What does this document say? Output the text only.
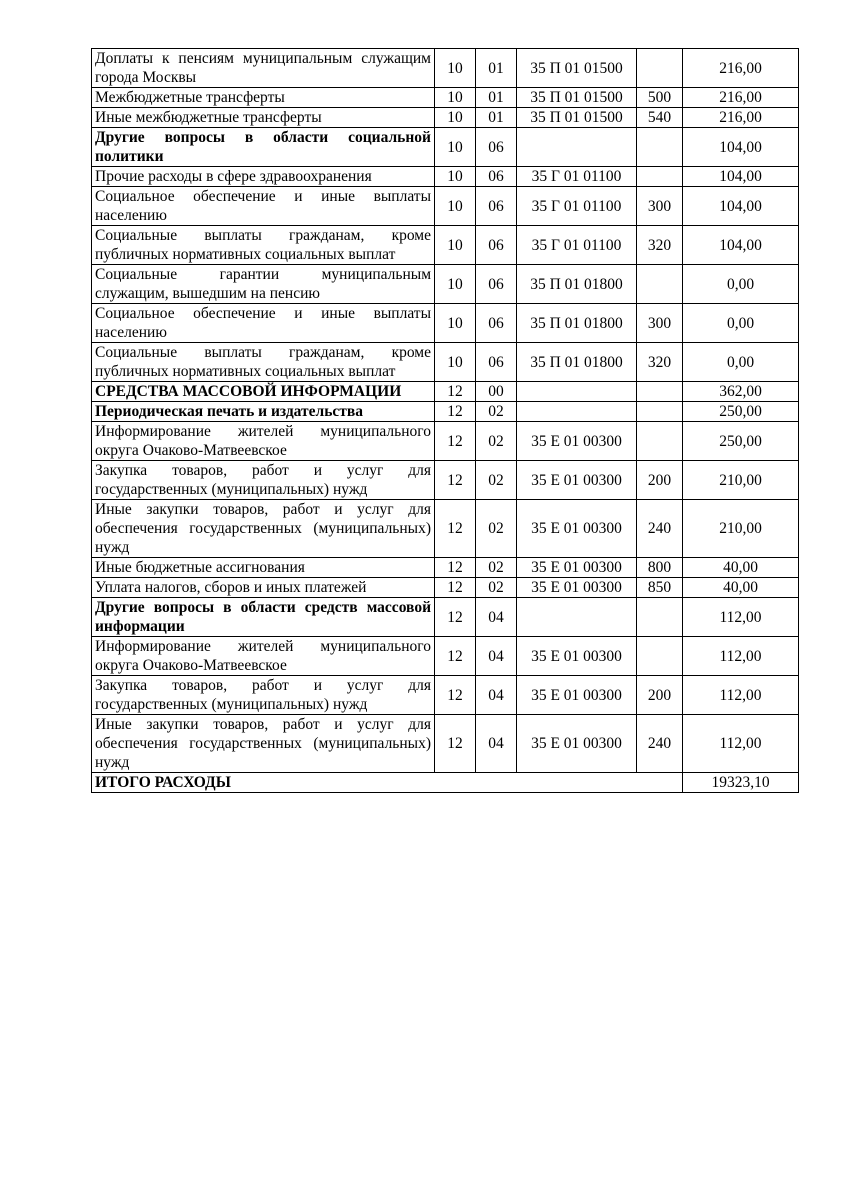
Доплаты к пенсиям муниципальным служащим города Москвы	10	01	35 П 01 01500		216,00
Межбюджетные трансферты	10	01	35 П 01 01500	500	216,00
Иные межбюджетные трансферты	10	01	35 П 01 01500	540	216,00
Другие вопросы в области социальной политики	10	06			104,00
Прочие расходы в сфере здравоохранения	10	06	35 Г 01 01100		104,00
Социальное обеспечение и иные выплаты населению	10	06	35 Г 01 01100	300	104,00
Социальные выплаты гражданам, кроме публичных нормативных социальных выплат	10	06	35 Г 01 01100	320	104,00
Социальные гарантии муниципальным служащим, вышедшим на пенсию	10	06	35 П 01 01800		0,00
Социальное обеспечение и иные выплаты населению	10	06	35 П 01 01800	300	0,00
Социальные выплаты гражданам, кроме публичных нормативных социальных выплат	10	06	35 П 01 01800	320	0,00
СРЕДСТВА МАССОВОЙ ИНФОРМАЦИИ	12	00			362,00
Периодическая печать и издательства	12	02			250,00
Информирование жителей муниципального округа Очаково-Матвеевское	12	02	35 Е 01 00300		250,00
Закупка товаров, работ и услуг для государственных (муниципальных) нужд	12	02	35 Е 01 00300	200	210,00
Иные закупки товаров, работ и услуг для обеспечения государственных (муниципальных) нужд	12	02	35 Е 01 00300	240	210,00
Иные бюджетные ассигнования	12	02	35 Е 01 00300	800	40,00
Уплата налогов, сборов и иных платежей	12	02	35 Е 01 00300	850	40,00
Другие вопросы в области средств массовой информации	12	04			112,00
Информирование жителей муниципального округа Очаково-Матвеевское	12	04	35 Е 01 00300		112,00
Закупка товаров, работ и услуг для государственных (муниципальных) нужд	12	04	35 Е 01 00300	200	112,00
Иные закупки товаров, работ и услуг для обеспечения государственных (муниципальных) нужд	12	04	35 Е 01 00300	240	112,00
ИТОГО РАСХОДЫ					19323,10
